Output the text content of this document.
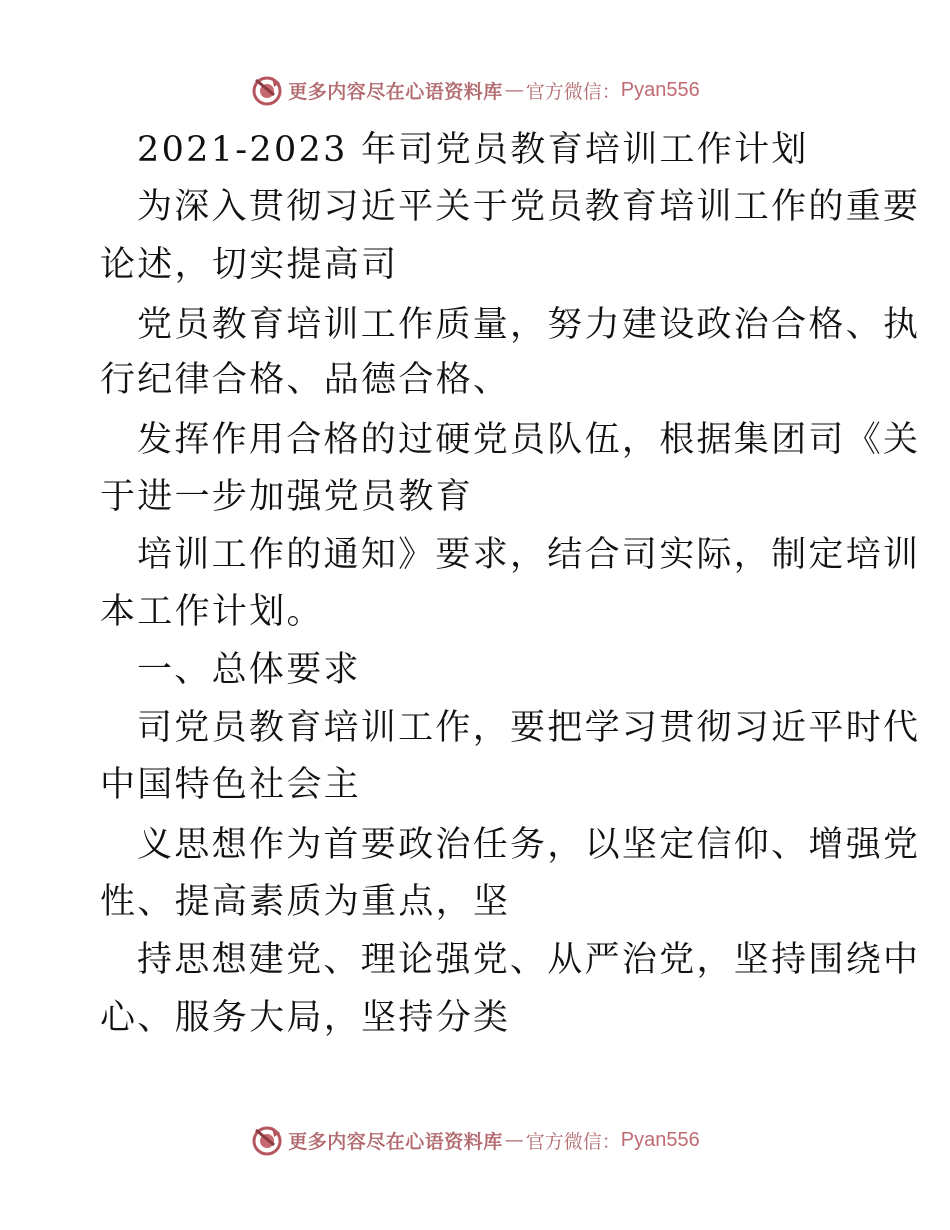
更多内容尽在心语资料库 — 官方微信： Pyan556
2021-2023 年司党员教育培训工作计划
为深入贯彻习近平关于党员教育培训工作的重要
论述，切实提高司
党员教育培训工作质量，努力建设政治合格、执
行纪律合格、品德合格、
发挥作用合格的过硬党员队伍，根据集团司《关
于进一步加强党员教育
培训工作的通知》要求，结合司实际，制定培训
本工作计划。
一、总体要求
司党员教育培训工作，要把学习贯彻习近平时代
中国特色社会主
义思想作为首要政治任务，以坚定信仰、增强党
性、提高素质为重点，坚
持思想建党、理论强党、从严治党，坚持围绕中
心、服务大局，坚持分类
更多内容尽在心语资料库 — 官方微信： Pyan556
